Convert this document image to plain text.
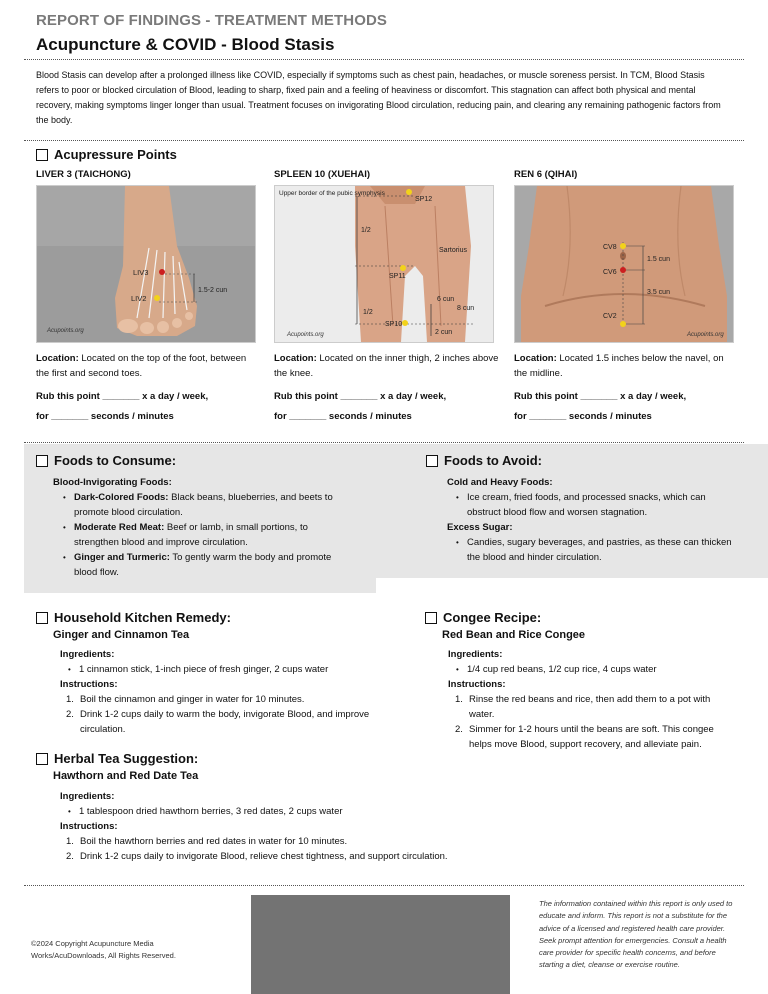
REPORT OF FINDINGS - TREATMENT METHODS
Acupuncture & COVID - Blood Stasis
Blood Stasis can develop after a prolonged illness like COVID, especially if symptoms such as chest pain, headaches, or muscle soreness persist. In TCM, Blood Stasis refers to poor or blocked circulation of Blood, leading to sharp, fixed pain and a feeling of heaviness or discomfort. This stagnation can affect both physical and mental recovery, making symptoms linger longer than usual. Treatment focuses on invigorating Blood circulation, reducing pain, and clearing any remaining pathogenic factors from the body.
Acupressure Points
LIVER 3 (TAICHONG)
LIV3
LIV2
1.5-2 cun
Acupoints.org
Location: Located on the top of the foot, between the first and second toes.
Rub this point _______ x a day / week,
for _______ seconds / minutes
SPLEEN 10 (XUEHAI)
Upper border of the pubic symphysis
SP12
1/2
Sartorius
SP11
6 cun
8 cun
1/2
SP10
2 cun
Acupoints.org
Location: Located on the inner thigh, 2 inches above the knee.
Rub this point _______ x a day / week,
for _______ seconds / minutes
REN 6 (QIHAI)
CV8
1.5 cun
CV6
3.5 cun
CV2
Acupoints.org
Location: Located 1.5 inches below the navel, on the midline.
Rub this point _______ x a day / week,
for _______ seconds / minutes
Foods to Consume:
Blood-Invigorating Foods:
• Dark-Colored Foods: Black beans, blueberries, and beets to promote blood circulation.
• Moderate Red Meat: Beef or lamb, in small portions, to strengthen blood and improve circulation.
• Ginger and Turmeric: To gently warm the body and promote blood flow.
Foods to Avoid:
Cold and Heavy Foods:
• Ice cream, fried foods, and processed snacks, which can obstruct blood flow and worsen stagnation.
Excess Sugar:
• Candies, sugary beverages, and pastries, as these can thicken the blood and hinder circulation.
Household Kitchen Remedy:
Ginger and Cinnamon Tea
Ingredients:
• 1 cinnamon stick, 1-inch piece of fresh ginger, 2 cups water
Instructions:
1. Boil the cinnamon and ginger in water for 10 minutes.
2. Drink 1-2 cups daily to warm the body, invigorate Blood, and improve circulation.
Congee Recipe:
Red Bean and Rice Congee
Ingredients:
• 1/4 cup red beans, 1/2 cup rice, 4 cups water
Instructions:
1. Rinse the red beans and rice, then add them to a pot with water.
2. Simmer for 1-2 hours until the beans are soft. This congee helps move Blood, support recovery, and alleviate pain.
Herbal Tea Suggestion:
Hawthorn and Red Date Tea
Ingredients:
• 1 tablespoon dried hawthorn berries, 3 red dates, 2 cups water
Instructions:
1. Boil the hawthorn berries and red dates in water for 10 minutes.
2. Drink 1-2 cups daily to invigorate Blood, relieve chest tightness, and support circulation.
©2024 Copyright Acupuncture Media Works/AcuDownloads, All Rights Reserved.
The information contained within this report is only used to educate and inform. This report is not a substitute for the advice of a licensed and registered health care provider. Seek prompt attention for emergencies. Consult a health care provider for specific health concerns, and before starting a diet, cleanse or exercise routine.
